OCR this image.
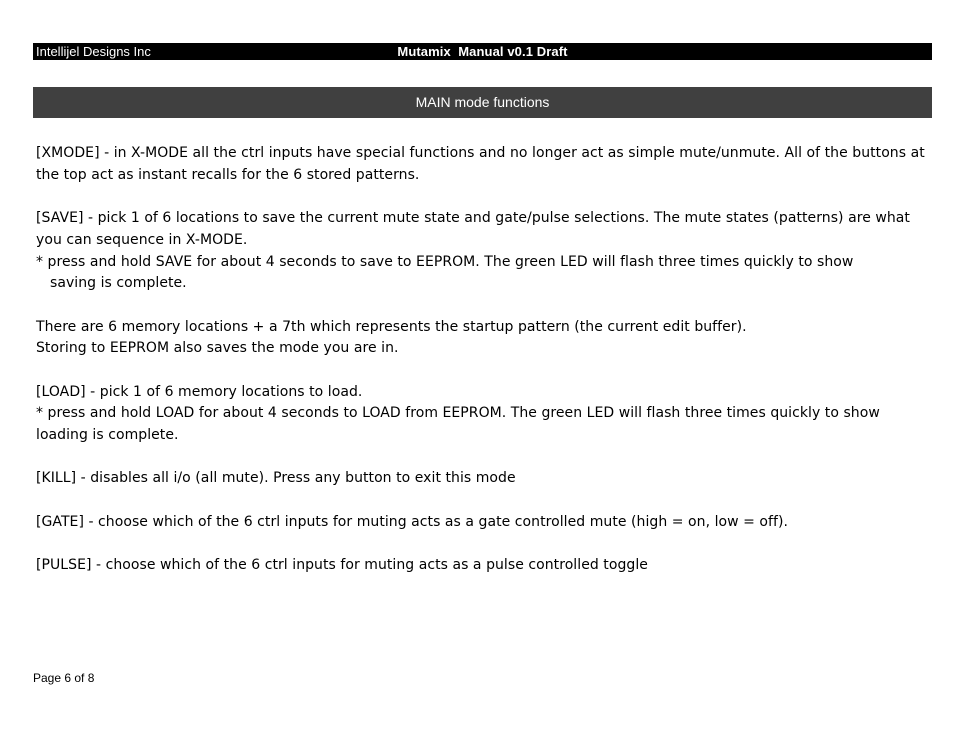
Intellijel Designs Inc	Mutamix  Manual v0.1 Draft
MAIN mode functions

[XMODE] - in X-MODE all the ctrl inputs have special functions and no longer act as simple mute/unmute. All of the buttons at the top act as instant recalls for the 6 stored patterns.

[SAVE] - pick 1 of 6 locations to save the current mute state and gate/pulse selections. The mute states (patterns) are what you can sequence in X-MODE.

* press and hold SAVE for about 4 seconds to save to EEPROM. The green LED will flash three times quickly to show

saving is complete.

There are 6 memory locations + a 7th which represents the startup pattern (the current edit buffer).

Storing to EEPROM also saves the mode you are in.

[LOAD] - pick 1 of 6 memory locations to load.

* press and hold LOAD for about 4 seconds to LOAD from EEPROM. The green LED will flash three times quickly to show loading is complete.

[KILL] - disables all i/o (all mute). Press any button to exit this mode

[GATE] - choose which of the 6 ctrl inputs for muting acts as a gate controlled mute (high = on, low = off).

[PULSE] - choose which of the 6 ctrl inputs for muting acts as a pulse controlled toggle

Page 6 of 8
